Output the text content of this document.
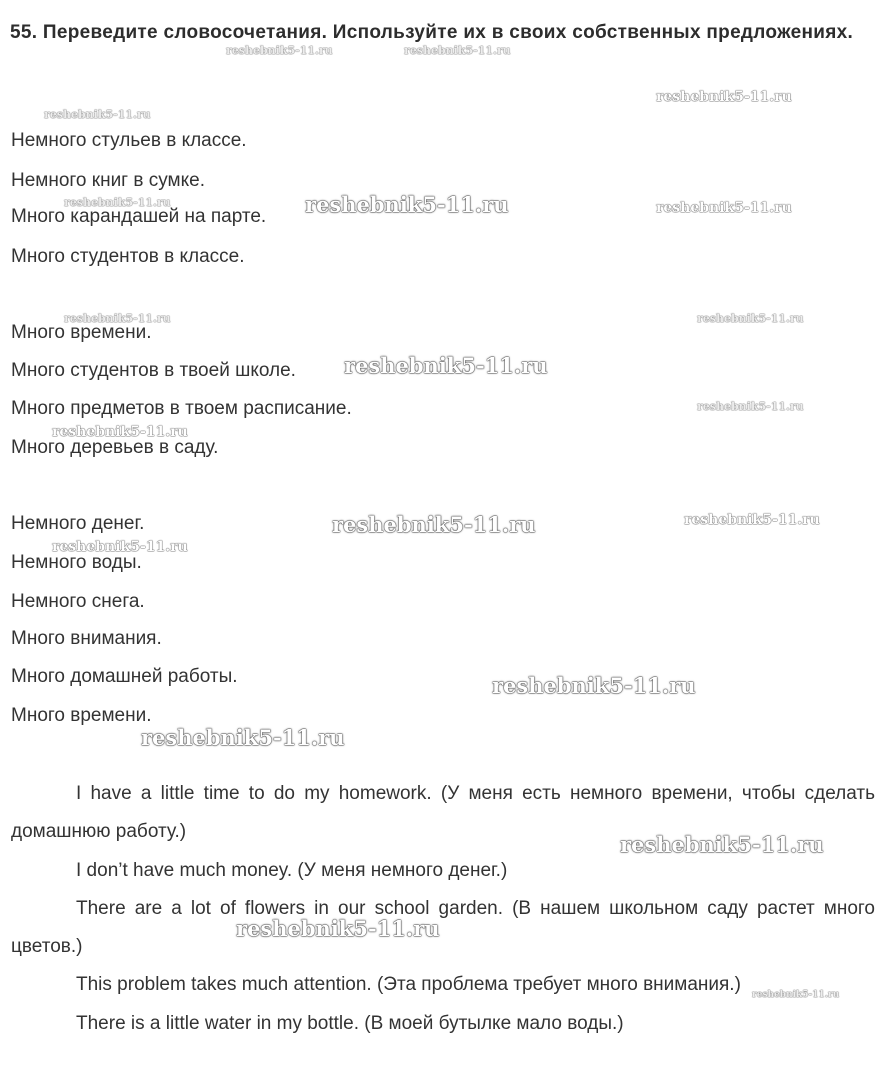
55. Переведите словосочетания. Используйте их в своих собственных предложениях.
Немного стульев в классе.
Немного книг в сумке.
Много карандашей на парте.
Много студентов в классе.
Много времени.
Много студентов в твоей школе.
Много предметов в твоем расписание.
Много деревьев в саду.
Немного денег.
Немного воды.
Немного снега.
Много внимания.
Много домашней работы.
Много времени.
I have a little time to do my homework. (У меня есть немного времени, чтобы сделать домашнюю работу.)
I don’t have much money. (У меня немного денег.)
There are a lot of flowers in our school garden. (В нашем школьном саду растет много цветов.)
This problem takes much attention. (Эта проблема требует много внимания.)
There is a little water in my bottle. (В моей бутылке мало воды.)
reshebnik5-11.ru	reshebnik5-11.ru
reshebnik5-11.ru
reshebnik5-11.ru
reshebnik5-11.ru	reshebnik5-11.ru	reshebnik5-11.ru
reshebnik5-11.ru	reshebnik5-11.ru
reshebnik5-11.ru
reshebnik5-11.ru
reshebnik5-11.ru
reshebnik5-11.ru	reshebnik5-11.ru
reshebnik5-11.ru
reshebnik5-11.ru
reshebnik5-11.ru
reshebnik5-11.ru
reshebnik5-11.ru
reshebnik5-11.ru
